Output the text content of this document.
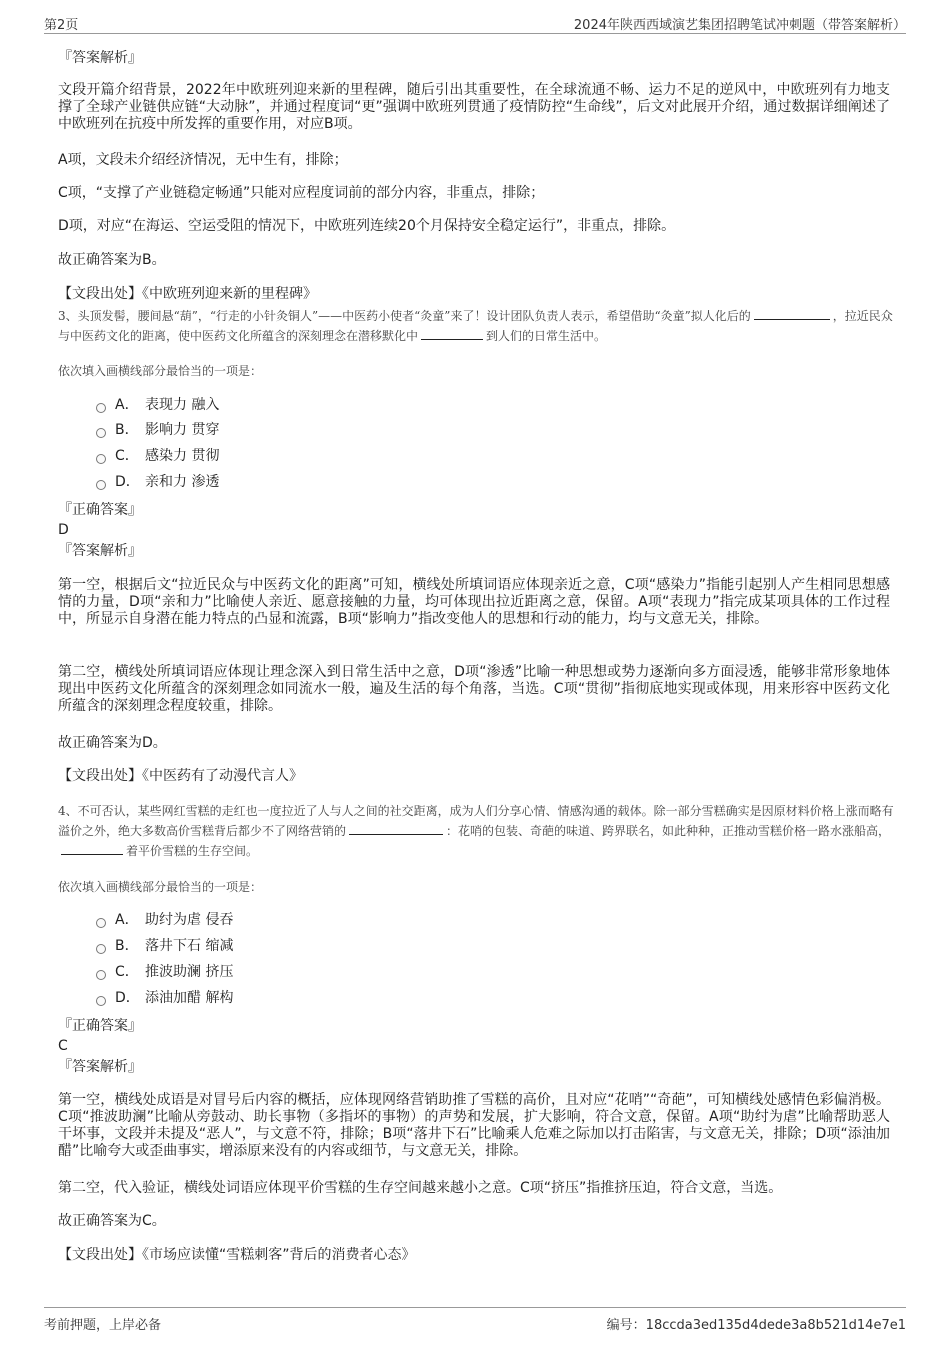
第2页	2024年陕西西域演艺集团招聘笔试冲刺题（带答案解析）
『答案解析』
文段开篇介绍背景，2022年中欧班列迎来新的里程碑，随后引出其重要性，在全球流通不畅、运力不足的逆风中，中欧班列有力地支撑了全球产业链供应链“大动脉”，并通过程度词“更”强调中欧班列贯通了疫情防控“生命线”，后文对此展开介绍，通过数据详细阐述了中欧班列在抗疫中所发挥的重要作用，对应B项。
A项，文段未介绍经济情况，无中生有，排除；
C项，“支撑了产业链稳定畅通”只能对应程度词前的部分内容，非重点，排除；
D项，对应“在海运、空运受阻的情况下，中欧班列连续20个月保持安全稳定运行”，非重点，排除。
故正确答案为B。
【文段出处】《中欧班列迎来新的里程碑》
3、头顶发髻，腰间悬“葫”，“行走的小针灸铜人”——中医药小使者“灸童”来了！设计团队负责人表示，希望借助“灸童”拟人化后的	，拉近民众与中医药文化的距离，使中医药文化所蕴含的深刻理念在潜移默化中	到人们的日常生活中。
依次填入画横线部分最恰当的一项是：
A． 表现力 融入
B． 影响力 贯穿
C． 感染力 贯彻
D． 亲和力 渗透
『正确答案』
D
『答案解析』
第一空，根据后文“拉近民众与中医药文化的距离”可知，横线处所填词语应体现亲近之意，C项“感染力”指能引起别人产生相同思想感情的力量，D项“亲和力”比喻使人亲近、愿意接触的力量，均可体现出拉近距离之意，保留。A项“表现力”指完成某项具体的工作过程中，所显示自身潜在能力特点的凸显和流露，B项“影响力”指改变他人的思想和行动的能力，均与文意无关，排除。
第二空，横线处所填词语应体现让理念深入到日常生活中之意，D项“渗透”比喻一种思想或势力逐渐向多方面浸透，能够非常形象地体现出中医药文化所蕴含的深刻理念如同流水一般，遍及生活的每个角落，当选。C项“贯彻”指彻底地实现或体现，用来形容中医药文化所蕴含的深刻理念程度较重，排除。
故正确答案为D。
【文段出处】《中医药有了动漫代言人》
4、不可否认，某些网红雪糕的走红也一度拉近了人与人之间的社交距离，成为人们分享心情、情感沟通的载体。除一部分雪糕确实是因原材料价格上涨而略有溢价之外，绝大多数高价雪糕背后都少不了网络营销的	：花哨的包装、奇葩的味道、跨界联名，如此种种，正推动雪糕价格一路水涨船高，着平价雪糕的生存空间。
依次填入画横线部分最恰当的一项是：
A． 助纣为虐 侵吞
B． 落井下石 缩减
C． 推波助澜 挤压
D． 添油加醋 解构
『正确答案』
C
『答案解析』
第一空，横线处成语是对冒号后内容的概括，应体现网络营销助推了雪糕的高价，且对应“花哨”“奇葩”，可知横线处感情色彩偏消极。C项“推波助澜”比喻从旁鼓动、助长事物（多指坏的事物）的声势和发展，扩大影响，符合文意，保留。A项“助纣为虐”比喻帮助恶人干坏事，文段并未提及“恶人”，与文意不符，排除；B项“落井下石”比喻乘人危难之际加以打击陷害，与文意无关，排除；D项“添油加醋”比喻夸大或歪曲事实，增添原来没有的内容或细节，与文意无关，排除。
第二空，代入验证，横线处词语应体现平价雪糕的生存空间越来越小之意。C项“挤压”指推挤压迫，符合文意，当选。
故正确答案为C。
【文段出处】《市场应读懂“雪糕刺客”背后的消费者心态》
考前押题，上岸必备	编号：18ccda3ed135d4dede3a8b521d14e7e1
